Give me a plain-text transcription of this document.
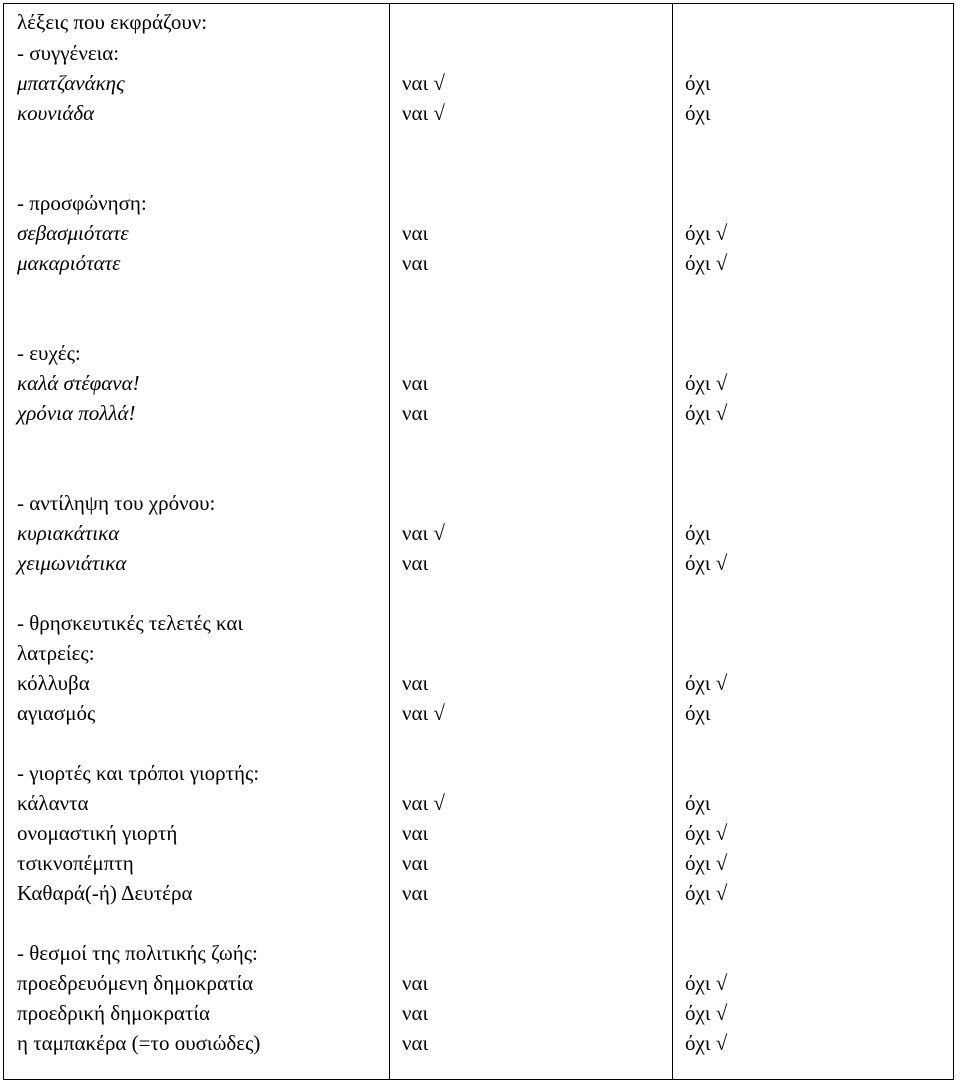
λέξεις που εκφράζουν:
- συγγένεια:
μπατζανάκης	ναι √	όχι
κουνιάδα	ναι √	όχι
- προσφώνηση:
σεβασμιότατε	ναι	όχι √
μακαριότατε	ναι	όχι √
- ευχές:
καλά στέφανα!	ναι	όχι √
χρόνια πολλά!	ναι	όχι √
- αντίληψη του χρόνου:
κυριακάτικα	ναι √	όχι
χειμωνιάτικα	ναι	όχι √
- θρησκευτικές τελετές και
λατρείες:
κόλλυβα	ναι	όχι √
αγιασμός	ναι √	όχι
- γιορτές και τρόποι γιορτής:
κάλαντα	ναι √	όχι
ονομαστική γιορτή	ναι	όχι √
τσικνοπέμπτη	ναι	όχι √
Καθαρά(-ή) Δευτέρα	ναι	όχι √
- θεσμοί της πολιτικής ζωής:
προεδρευόμενη δημοκρατία	ναι	όχι √
προεδρική δημοκρατία	ναι	όχι √
η ταμπακέρα (=το ουσιώδες)	ναι	όχι √
